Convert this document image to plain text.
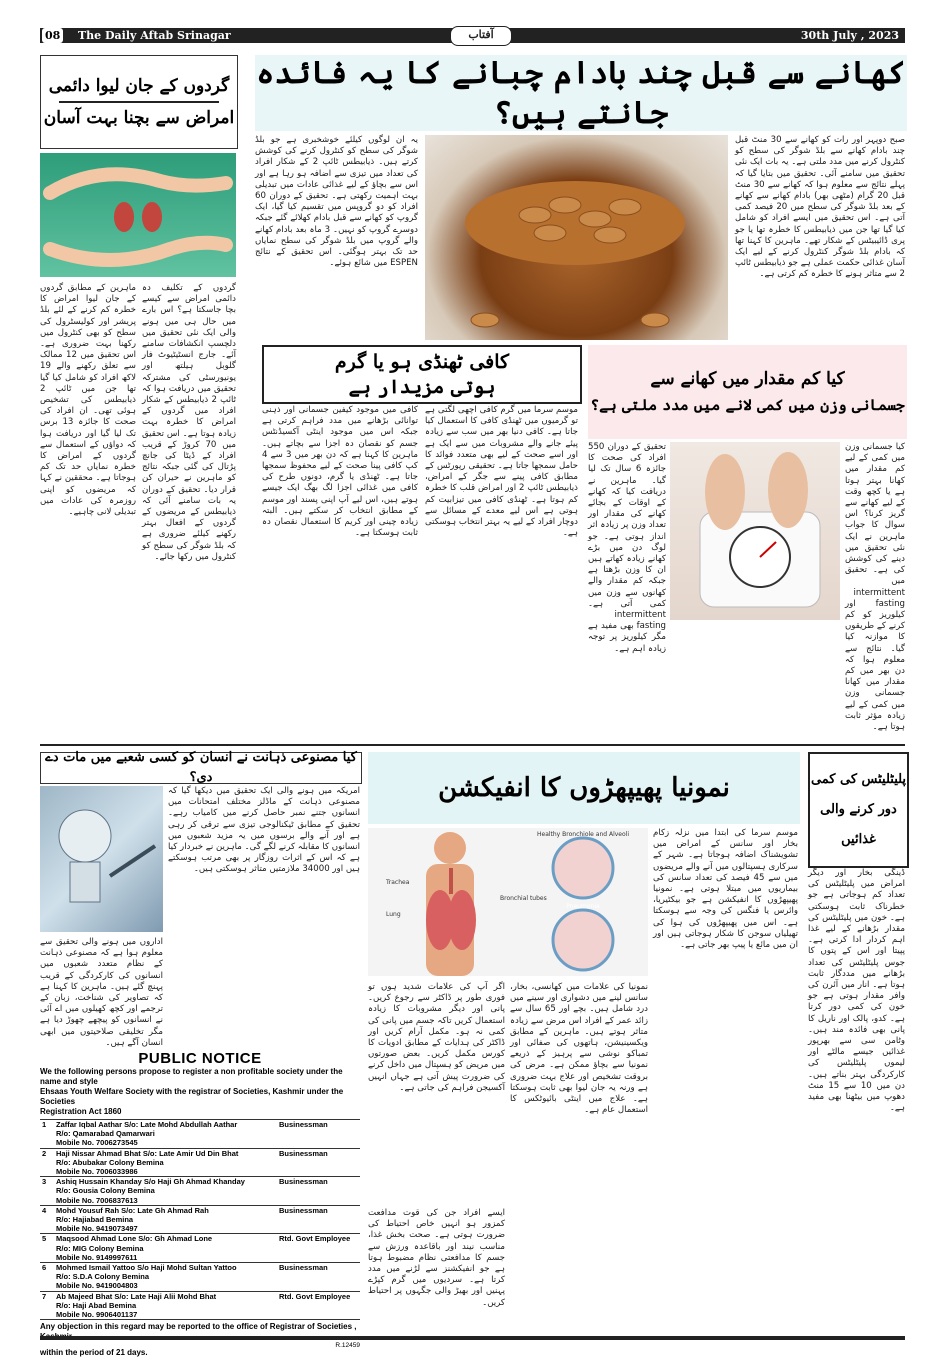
08 The Daily Aftab Srinagar	آفتاب	30th July , 2023
گردوں کے جان لیوا دائمی
امراض سے بچنا بہت آسان
گردوں کے تکلیف دہ دائمی امراض سے کیسے بچا جاسکتا ہے؟ اس بارے میں حال ہی میں ہونے والی ایک نئی تحقیق میں دلچسپ انکشافات سامنے آئے۔ جارج انسٹیٹیوٹ فار گلوبل ہیلتھ اور یونیورسٹی کی مشترکہ تحقیق میں دریافت ہوا کہ ٹائپ 2 ذیابیطس کے شکار افراد میں گردوں کے امراض کا خطرہ بہت زیادہ ہوتا ہے۔ اس تحقیق میں 70 کروڑ کے قریب افراد کے ڈیٹا کی جانچ پڑتال کی گئی جبکہ نتائج کو ماہرین نے حیران کن قرار دیا۔ تحقیق کے دوران یہ بات سامنے آئی کہ ذیابیطس کے مریضوں کے گردوں کے افعال بہتر رکھنے کیلئے ضروری ہے کہ بلڈ شوگر کی سطح کو کنٹرول میں رکھا جائے۔
ماہرین کے مطابق گردوں کے جان لیوا امراض کا خطرہ کم کرنے کے لئے بلڈ پریشر اور کولیسٹرول کی سطح کو بھی کنٹرول میں رکھنا بہت ضروری ہے۔ اس تحقیق میں 12 ممالک سے تعلق رکھنے والے 19 لاکھ افراد کو شامل کیا گیا تھا جن میں ٹائپ 2 ذیابیطس کی تشخیص ہوئی تھی۔ ان افراد کی صحت کا جائزہ 13 برس تک لیا گیا اور دریافت ہوا کہ دواؤں کے استعمال سے گردوں کے امراض کا خطرہ نمایاں حد تک کم ہوجاتا ہے۔ محققین نے کہا کہ مریضوں کو اپنی روزمرہ کی عادات میں تبدیلی لانی چاہیے۔
کھانے سے قبل چند بادام چبانے کا یہ فائدہ جانتے ہیں؟
صبح دوپہر اور رات کو کھانے سے 30 منٹ قبل چند بادام کھانے سے بلڈ شوگر کی سطح کو کنٹرول کرنے میں مدد ملتی ہے۔ یہ بات ایک نئی تحقیق میں سامنے آئی۔ تحقیق میں بتایا گیا کہ پہلے نتائج سے معلوم ہوا کہ کھانے سے 30 منٹ قبل 20 گرام (مٹھی بھر) بادام کھانے سے کھانے کے بعد بلڈ شوگر کی سطح میں 20 فیصد کمی آتی ہے۔ اس تحقیق میں ایسے افراد کو شامل کیا گیا تھا جن میں ذیابیطس کا خطرہ تھا یا جو پری ڈائیبیٹس کے شکار تھے۔ ماہرین کا کہنا تھا کہ بادام بلڈ شوگر کنٹرول کرنے کے لیے ایک آسان غذائی حکمت عملی ہے جو ذیابیطس ٹائپ 2 سے متاثر ہونے کا خطرہ کم کرتی ہے۔
یہ ان لوگوں کیلئے خوشخبری ہے جو بلڈ شوگر کی سطح کو کنٹرول کرنے کی کوشش کرتے ہیں۔ ذیابیطس ٹائپ 2 کے شکار افراد کی تعداد میں تیزی سے اضافہ ہو رہا ہے اور اس سے بچاؤ کے لیے غذائی عادات میں تبدیلی بہت اہمیت رکھتی ہے۔ تحقیق کے دوران 60 افراد کو دو گروپس میں تقسیم کیا گیا، ایک گروپ کو کھانے سے قبل بادام کھلائے گئے جبکہ دوسرے گروپ کو نہیں۔ 3 ماہ بعد بادام کھانے والے گروپ میں بلڈ شوگر کی سطح نمایاں حد تک بہتر ہوگئی۔ اس تحقیق کے نتائج ESPEN میں شائع ہوئے۔
کافی ٹھنڈی ہو یا گرم
ہوتی مزیدار ہے
موسم سرما میں گرم کافی اچھی لگتی ہے تو گرمیوں میں ٹھنڈی کافی کا استعمال کیا جاتا ہے۔ کافی دنیا بھر میں سب سے زیادہ پیئے جانے والے مشروبات میں سے ایک ہے اور اسے صحت کے لیے بھی متعدد فوائد کا حامل سمجھا جاتا ہے۔ تحقیقی رپورٹس کے مطابق کافی پینے سے جگر کے امراض، ذیابیطس ٹائپ 2 اور امراض قلب کا خطرہ کم ہوتا ہے۔ ٹھنڈی کافی میں تیزابیت کم ہوتی ہے اس لیے معدے کے مسائل سے دوچار افراد کے لیے یہ بہتر انتخاب ہوسکتی ہے۔
کافی میں موجود کیفین جسمانی اور ذہنی توانائی بڑھانے میں مدد فراہم کرتی ہے جبکہ اس میں موجود اینٹی آکسیڈنٹس جسم کو نقصان دہ اجزا سے بچاتے ہیں۔ ماہرین کا کہنا ہے کہ دن بھر میں 3 سے 4 کپ کافی پینا صحت کے لیے محفوظ سمجھا جاتا ہے۔ ٹھنڈی یا گرم، دونوں طرح کی کافی میں غذائی اجزا لگ بھگ ایک جیسے ہوتے ہیں، اس لیے آپ اپنی پسند اور موسم کے مطابق انتخاب کر سکتے ہیں۔ البتہ زیادہ چینی اور کریم کا استعمال نقصان دہ ثابت ہوسکتا ہے۔
کیا کم مقدار میں کھانے سے
جسمانی وزن میں کمی لانے میں مدد ملتی ہے؟
کیا جسمانی وزن میں کمی کے لیے کم مقدار میں کھانا بہتر ہوتا ہے یا کچھ وقت کے لیے کھانے سے گریز کرنا؟ اس سوال کا جواب ماہرین نے ایک نئی تحقیق میں دینے کی کوشش کی ہے۔ تحقیق میں intermittent fasting اور کیلوریز کو کم کرنے کے طریقوں کا موازنہ کیا گیا۔ نتائج سے معلوم ہوا کہ دن بھر میں کم مقدار میں کھانا جسمانی وزن میں کمی کے لیے زیادہ مؤثر ثابت ہوتا ہے۔
تحقیق کے دوران 550 افراد کی صحت کا جائزہ 6 سال تک لیا گیا۔ ماہرین نے دریافت کیا کہ کھانے کے اوقات کے بجائے کھانے کی مقدار اور تعداد وزن پر زیادہ اثر انداز ہوتی ہے۔ جو لوگ دن میں بڑے کھانے زیادہ کھاتے ہیں ان کا وزن بڑھتا ہے جبکہ کم مقدار والے کھانوں سے وزن میں کمی آتی ہے۔ intermittent fasting بھی مفید ہے مگر کیلوریز پر توجہ زیادہ اہم ہے۔
کیا مصنوعی ذہانت نے انسان کو کسی شعبے میں مات دے دی؟
اداروں میں ہونے والی تحقیق سے معلوم ہوا ہے کہ مصنوعی ذہانت کے نظام متعدد شعبوں میں انسانوں کی کارکردگی کے قریب پہنچ گئے ہیں۔ ماہرین کا کہنا ہے کہ تصاویر کی شناخت، زبان کے ترجمے اور کچھ کھیلوں میں اے آئی نے انسانوں کو پیچھے چھوڑ دیا ہے مگر تخلیقی صلاحیتوں میں ابھی انسان آگے ہیں۔
امریکہ میں ہونے والی ایک تحقیق میں دیکھا گیا کہ مصنوعی ذہانت کے ماڈلز مختلف امتحانات میں انسانوں جتنے نمبر حاصل کرنے میں کامیاب رہے۔ تحقیق کے مطابق ٹیکنالوجی تیزی سے ترقی کر رہی ہے اور آنے والے برسوں میں یہ مزید شعبوں میں انسانوں کا مقابلہ کرنے لگے گی۔ ماہرین نے خبردار کیا ہے کہ اس کے اثرات روزگار پر بھی مرتب ہوسکتے ہیں اور 34000 ملازمتیں متاثر ہوسکتی ہیں۔
PUBLIC NOTICE
We the following persons propose to register a non profitable society under the name and style
Ehsaas Youth Welfare Society with the registrar of Societies, Kashmir under the Societies
Registration Act 1860
1	Zaffar Iqbal Aathar S/o: Late Mohd Abdullah Aathar
R/o: Qamarabad Qamarwari
Mobile No. 7006273545
Businessman
2	Haji Nissar Ahmad Bhat S/o: Late Amir Ud Din Bhat
R/o: Abubakar Colony Bemina
Mobile No. 7006033986
Businessman
3	Ashiq Hussain Khanday S/o Haji Gh Ahmad Khanday
R/o: Gousia Colony Bemina
Mobile No. 7006837613
Businessman
4	Mohd Yousuf Rah S/o: Late Gh Ahmad Rah
R/o: Hajiabad Bemina
Mobile No. 9419073497
Businessman
5	Maqsood Ahmad Lone S/o: Gh Ahmad Lone
R/o: MIG Colony Bemina
Mobile No. 9149997611
Rtd. Govt Employee
6	Mohmed Ismail Yattoo S/o Haji Mohd Sultan Yattoo
R/o: S.D.A Colony Bemina
Mobile No. 9419004803
Businessman
7	Ab Majeed Bhat S/o: Late Haji Alii Mohd Bhat
R/o: Haji Abad Bemina
Mobile No. 9906401137
Rtd. Govt Employee
Any objection in this regard may be reported to the office of Registrar of Societies ,
within the period of 21 days.
R.12459
نمونیا پھیپھڑوں کا انفیکشن
Healthy Bronchiole and Alveoli
Trachea
Lung
Bronchial tubes
Pneumonia
موسم سرما کی ابتدا میں نزلہ زکام بخار اور سانس کے امراض میں تشویشناک اضافہ ہوجاتا ہے۔ شہر کے سرکاری ہسپتالوں میں آنے والے مریضوں میں سے 45 فیصد کی تعداد سانس کی بیماریوں میں مبتلا ہوتی ہے۔ نمونیا پھیپھڑوں کا انفیکشن ہے جو بیکٹیریا، وائرس یا فنگس کی وجہ سے ہوسکتا ہے۔ اس میں پھیپھڑوں کی ہوا کی تھیلیاں سوجن کا شکار ہوجاتی ہیں اور ان میں مائع یا پیپ بھر جاتی ہے۔
نمونیا کی علامات میں کھانسی، بخار، سانس لینے میں دشواری اور سینے میں درد شامل ہیں۔ بچے اور 65 سال سے زائد عمر کے افراد اس مرض سے زیادہ متاثر ہوتے ہیں۔ ماہرین کے مطابق ویکسینیشن، ہاتھوں کی صفائی اور تمباکو نوشی سے پرہیز کے ذریعے نمونیا سے بچاؤ ممکن ہے۔ مرض کی بروقت تشخیص اور علاج بہت ضروری ہے ورنہ یہ جان لیوا بھی ثابت ہوسکتا ہے۔ علاج میں اینٹی بائیوٹکس کا استعمال عام ہے۔
اگر آپ کی علامات شدید ہوں تو فوری طور پر ڈاکٹر سے رجوع کریں۔ پانی اور دیگر مشروبات کا زیادہ استعمال کریں تاکہ جسم میں پانی کی کمی نہ ہو۔ مکمل آرام کریں اور ڈاکٹر کی ہدایات کے مطابق ادویات کا کورس مکمل کریں۔ بعض صورتوں میں مریض کو ہسپتال میں داخل کرنے کی ضرورت پیش آتی ہے جہاں انہیں آکسیجن فراہم کی جاتی ہے۔
ایسے افراد جن کی قوت مدافعت کمزور ہو انہیں خاص احتیاط کی ضرورت ہوتی ہے۔ صحت بخش غذا، مناسب نیند اور باقاعدہ ورزش سے جسم کا مدافعتی نظام مضبوط ہوتا ہے جو انفیکشنز سے لڑنے میں مدد کرتا ہے۔ سردیوں میں گرم کپڑے پہنیں اور بھیڑ والی جگہوں پر احتیاط کریں۔
پلیٹلیٹس کی کمی
دور کرنے والی
غذائیں
ڈینگی بخار اور دیگر امراض میں پلیٹلیٹس کی تعداد کم ہوجاتی ہے جو خطرناک ثابت ہوسکتی ہے۔ خون میں پلیٹلیٹس کی مقدار بڑھانے کے لیے غذا اہم کردار ادا کرتی ہے۔ پپیتا اور اس کے پتوں کا جوس پلیٹلیٹس کی تعداد بڑھانے میں مددگار ثابت ہوتا ہے۔ انار میں آئرن کی وافر مقدار ہوتی ہے جو خون کی کمی دور کرتا ہے۔ کدو، پالک اور ناریل کا پانی بھی فائدہ مند ہیں۔ وٹامن سی سے بھرپور غذائیں جیسے مالٹے اور لیموں پلیٹلیٹس کی کارکردگی بہتر بناتے ہیں۔ دن میں 10 سے 15 منٹ دھوپ میں بیٹھنا بھی مفید ہے۔
